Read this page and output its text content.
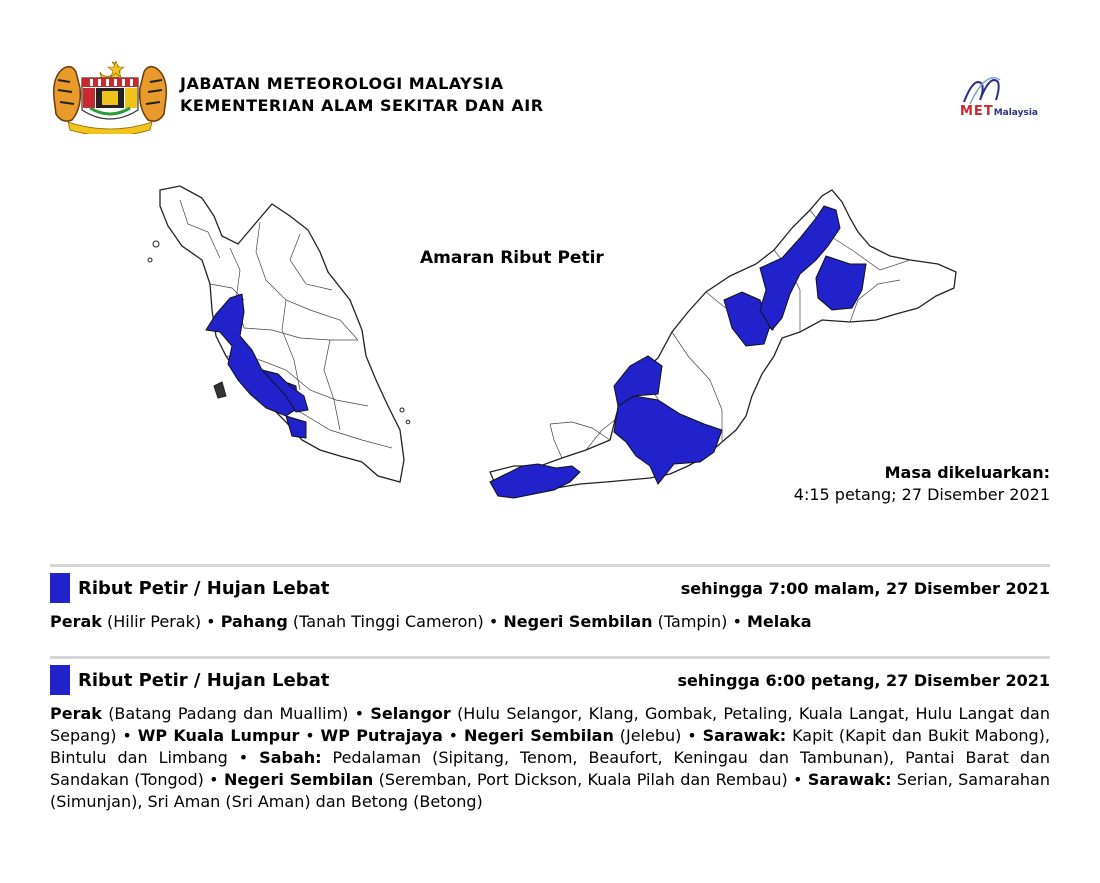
JABATAN METEOROLOGI MALAYSIA
KEMENTERIAN ALAM SEKITAR DAN AIR	METMalaysia
Amaran Ribut Petir
Masa dikeluarkan:
4:15 petang; 27 Disember 2021
Ribut Petir / Hujan Lebat	sehingga 7:00 malam, 27 Disember 2021
Perak (Hilir Perak) • Pahang (Tanah Tinggi Cameron) • Negeri Sembilan (Tampin) • Melaka
Ribut Petir / Hujan Lebat	sehingga 6:00 petang, 27 Disember 2021
Perak (Batang Padang dan Muallim) • Selangor (Hulu Selangor, Klang, Gombak, Petaling, Kuala Langat, Hulu Langat dan Sepang) • WP Kuala Lumpur • WP Putrajaya • Negeri Sembilan (Jelebu) • Sarawak: Kapit (Kapit dan Bukit Mabong), Bintulu dan Limbang • Sabah: Pedalaman (Sipitang, Tenom, Beaufort, Keningau dan Tambunan), Pantai Barat dan Sandakan (Tongod) • Negeri Sembilan (Seremban, Port Dickson, Kuala Pilah dan Rembau) • Sarawak: Serian, Samarahan (Simunjan), Sri Aman (Sri Aman) dan Betong (Betong)
